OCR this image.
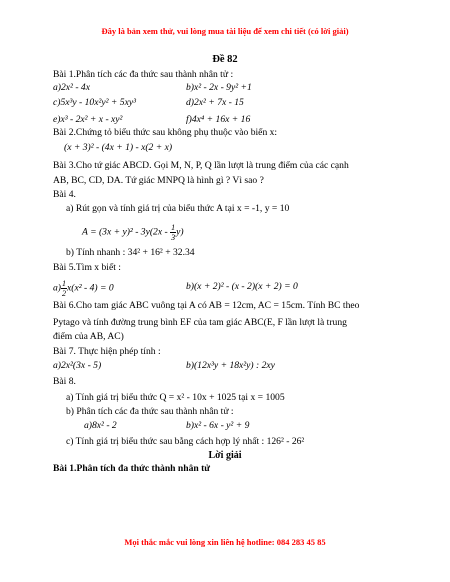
Đây là bản xem thử, vui lòng mua tài liệu để xem chi tiết (có lời giải)
Đề 82
Bài 1.Phân tích các đa thức sau thành nhân tử :
a)2x² - 4x	b)x² - 2x - 9y² +1
c)5x³y - 10x²y² + 5xy³	d)2x² + 7x - 15
e)x³ - 2x² + x - xy²	f)4x⁴ + 16x + 16
Bài 2.Chứng tỏ biểu thức sau không phụ thuộc vào biến x:
(x + 3)² - (4x + 1) - x(2 + x)
Bài 3.Cho tứ giác ABCD. Gọi M, N, P, Q lần lượt là trung điểm của các cạnh
AB, BC, CD, DA. Tứ giác MNPQ là hình gì ? Vì sao ?
Bài 4.
a) Rút gọn và tính giá trị của biểu thức A tại x = -1, y = 10
$A = (3x + y)^2 - 3y(2x - \frac{1}{3} y)$
b) Tính nhanh : 34² + 16² + 32.34
Bài 5.Tìm x biết :
$a) \frac{1}{2} x(x^2 - 4) = 0$	b)(x + 2)² - (x - 2)(x + 2) = 0
Bài 6.Cho tam giác ABC vuông tại A có AB = 12cm, AC = 15cm. Tính BC theo
Pytago và tính đường trung bình EF của tam giác ABC(E, F lần lượt là trung
điểm của AB, AC)
Bài 7. Thực hiện phép tính :
a)2x²(3x - 5)	b)(12x³y + 18x²y) : 2xy
Bài 8.
a) Tính giá trị biểu thức Q = x² - 10x + 1025 tại x = 1005
b) Phân tích các đa thức sau thành nhân tử :
a)8x² - 2	b)x² - 6x - y² + 9
c) Tính giá trị biểu thức sau bằng cách hợp lý nhất : 126² - 26²
Lời giải
Bài 1.Phân tích đa thức thành nhân tử
Mọi thắc mắc vui lòng xin liên hệ hotline: 084 283 45 85
